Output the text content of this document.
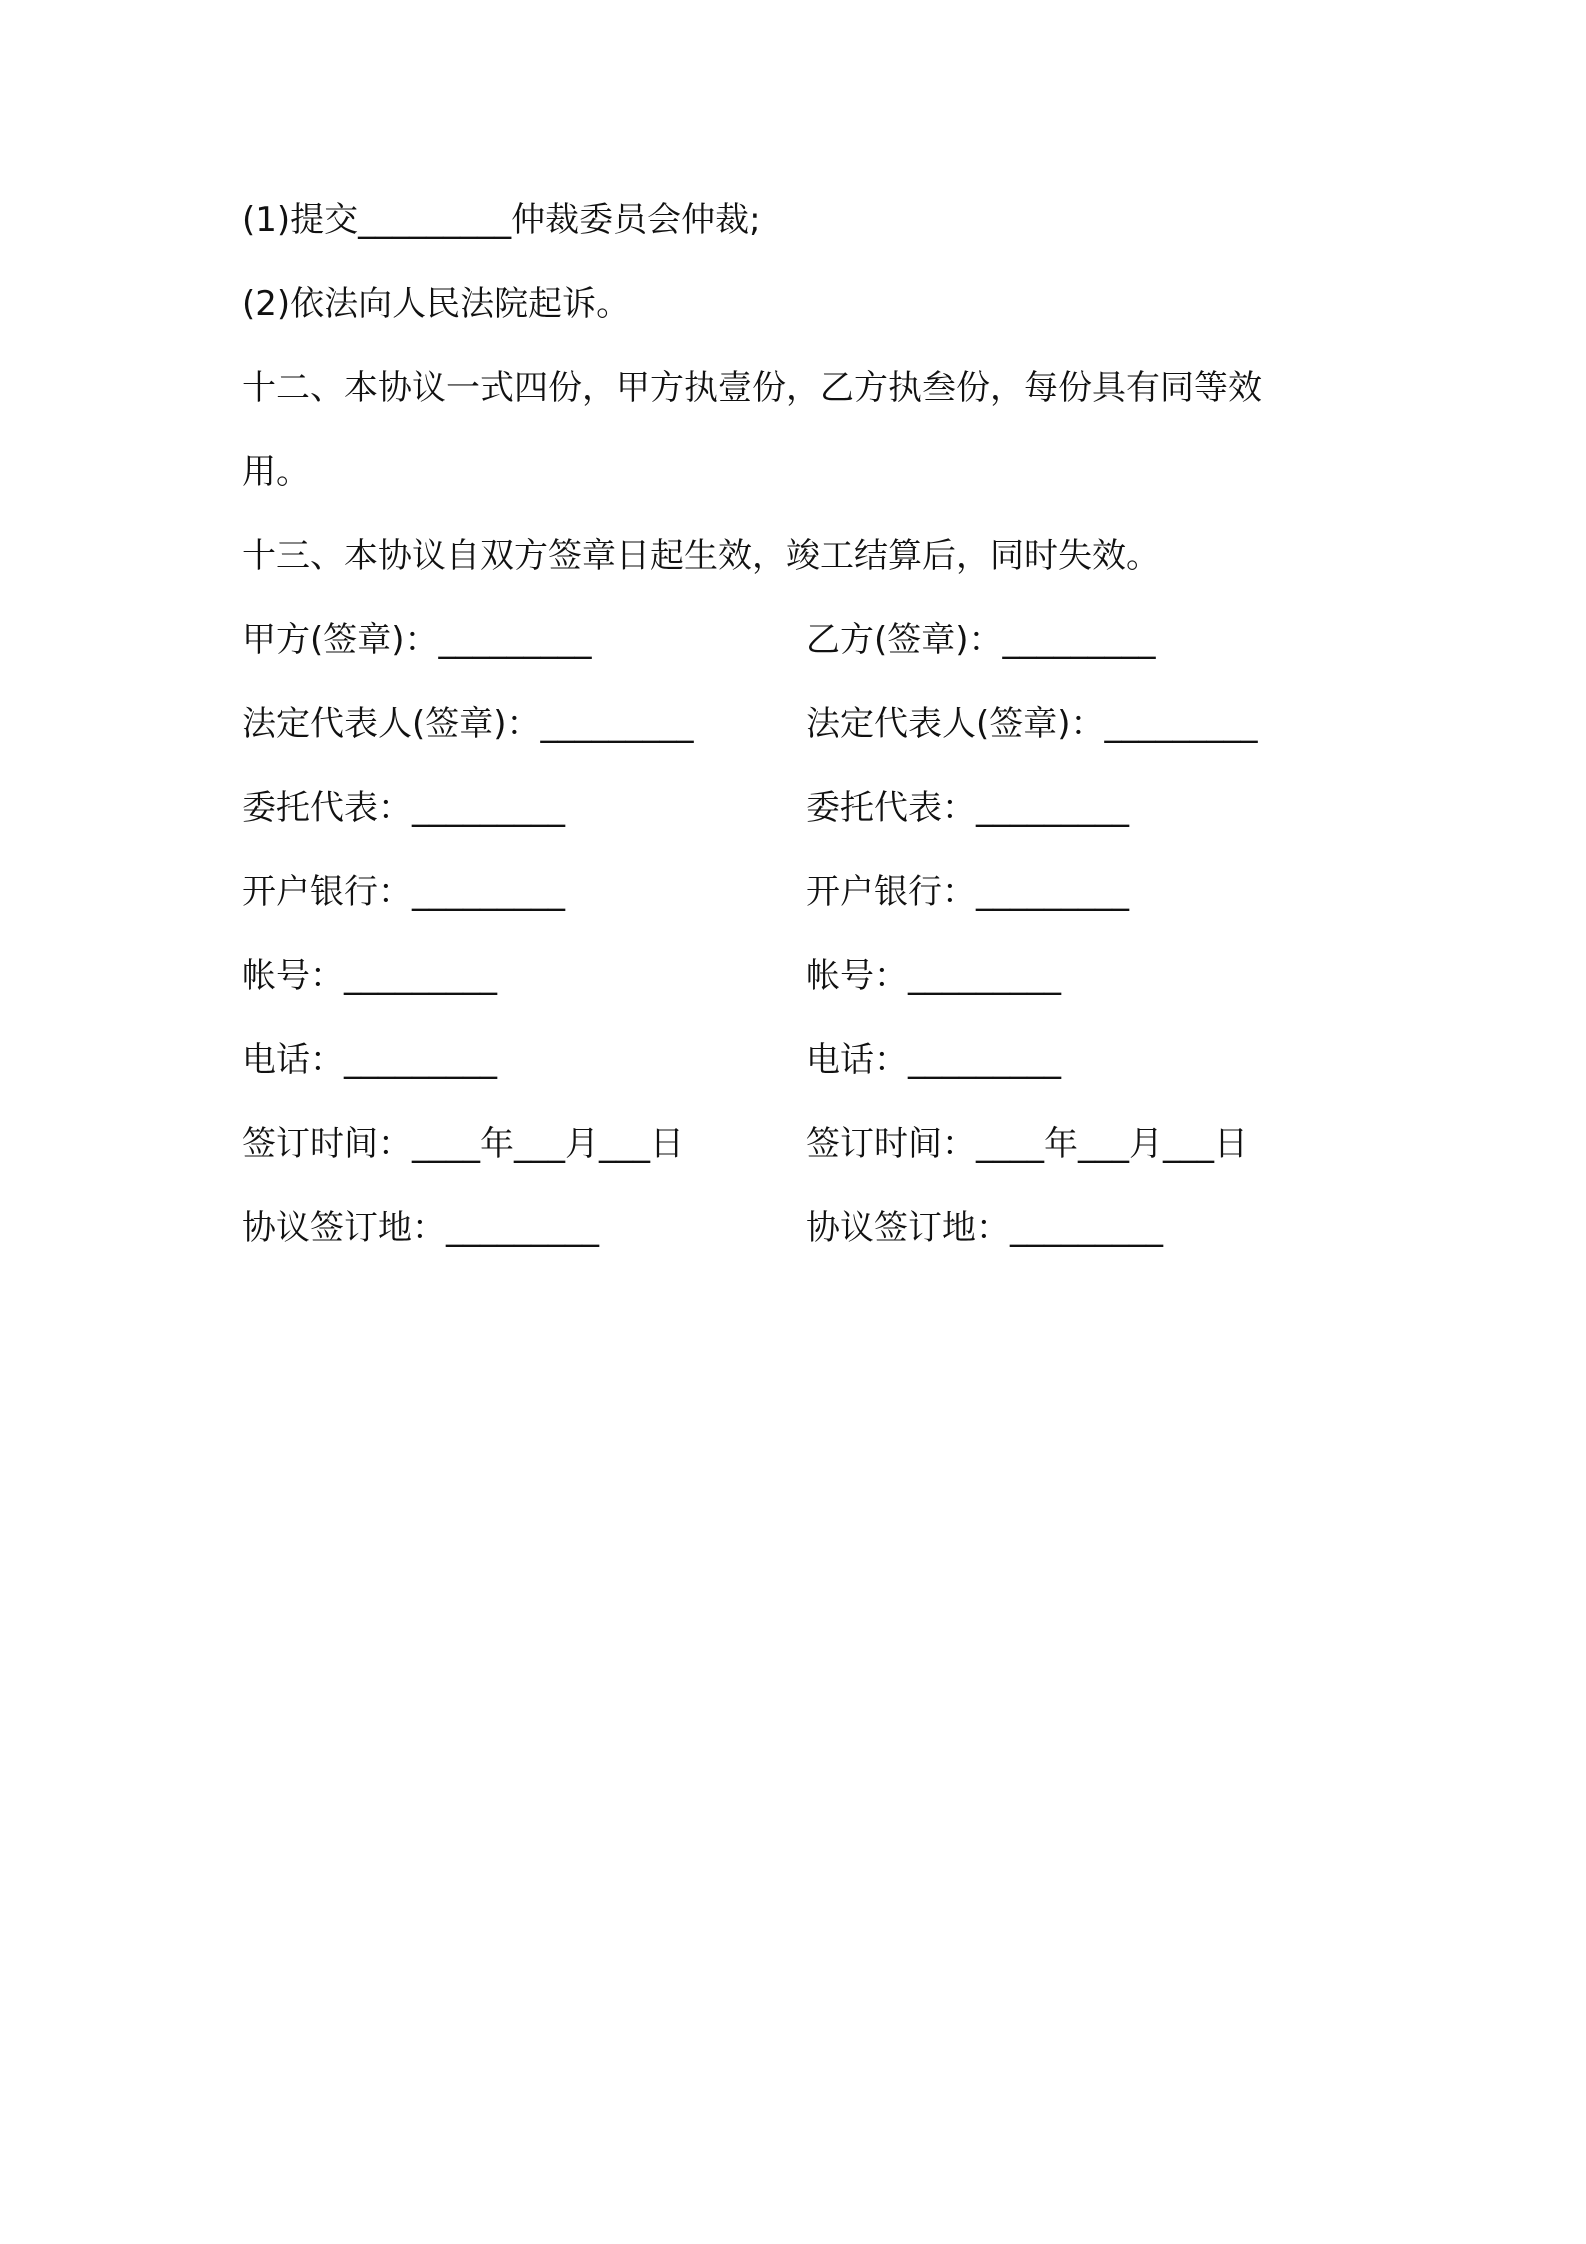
(1)提交_________仲裁委员会仲裁;

(2)依法向人民法院起诉。

十二、本协议一式四份，甲方执壹份，乙方执叁份，每份具有同等效

用。

十三、本协议自双方签章日起生效，竣工结算后，同时失效。

甲方(签章)：_________	乙方(签章)：_________
法定代表人(签章)：_________	法定代表人(签章)：_________
委托代表：_________	委托代表：_________
开户银行：_________	开户银行：_________
帐号：_________	帐号：_________
电话：_________	电话：_________
签订时间：____年___月___日	签订时间：____年___月___日
协议签订地：_________	协议签订地：_________
